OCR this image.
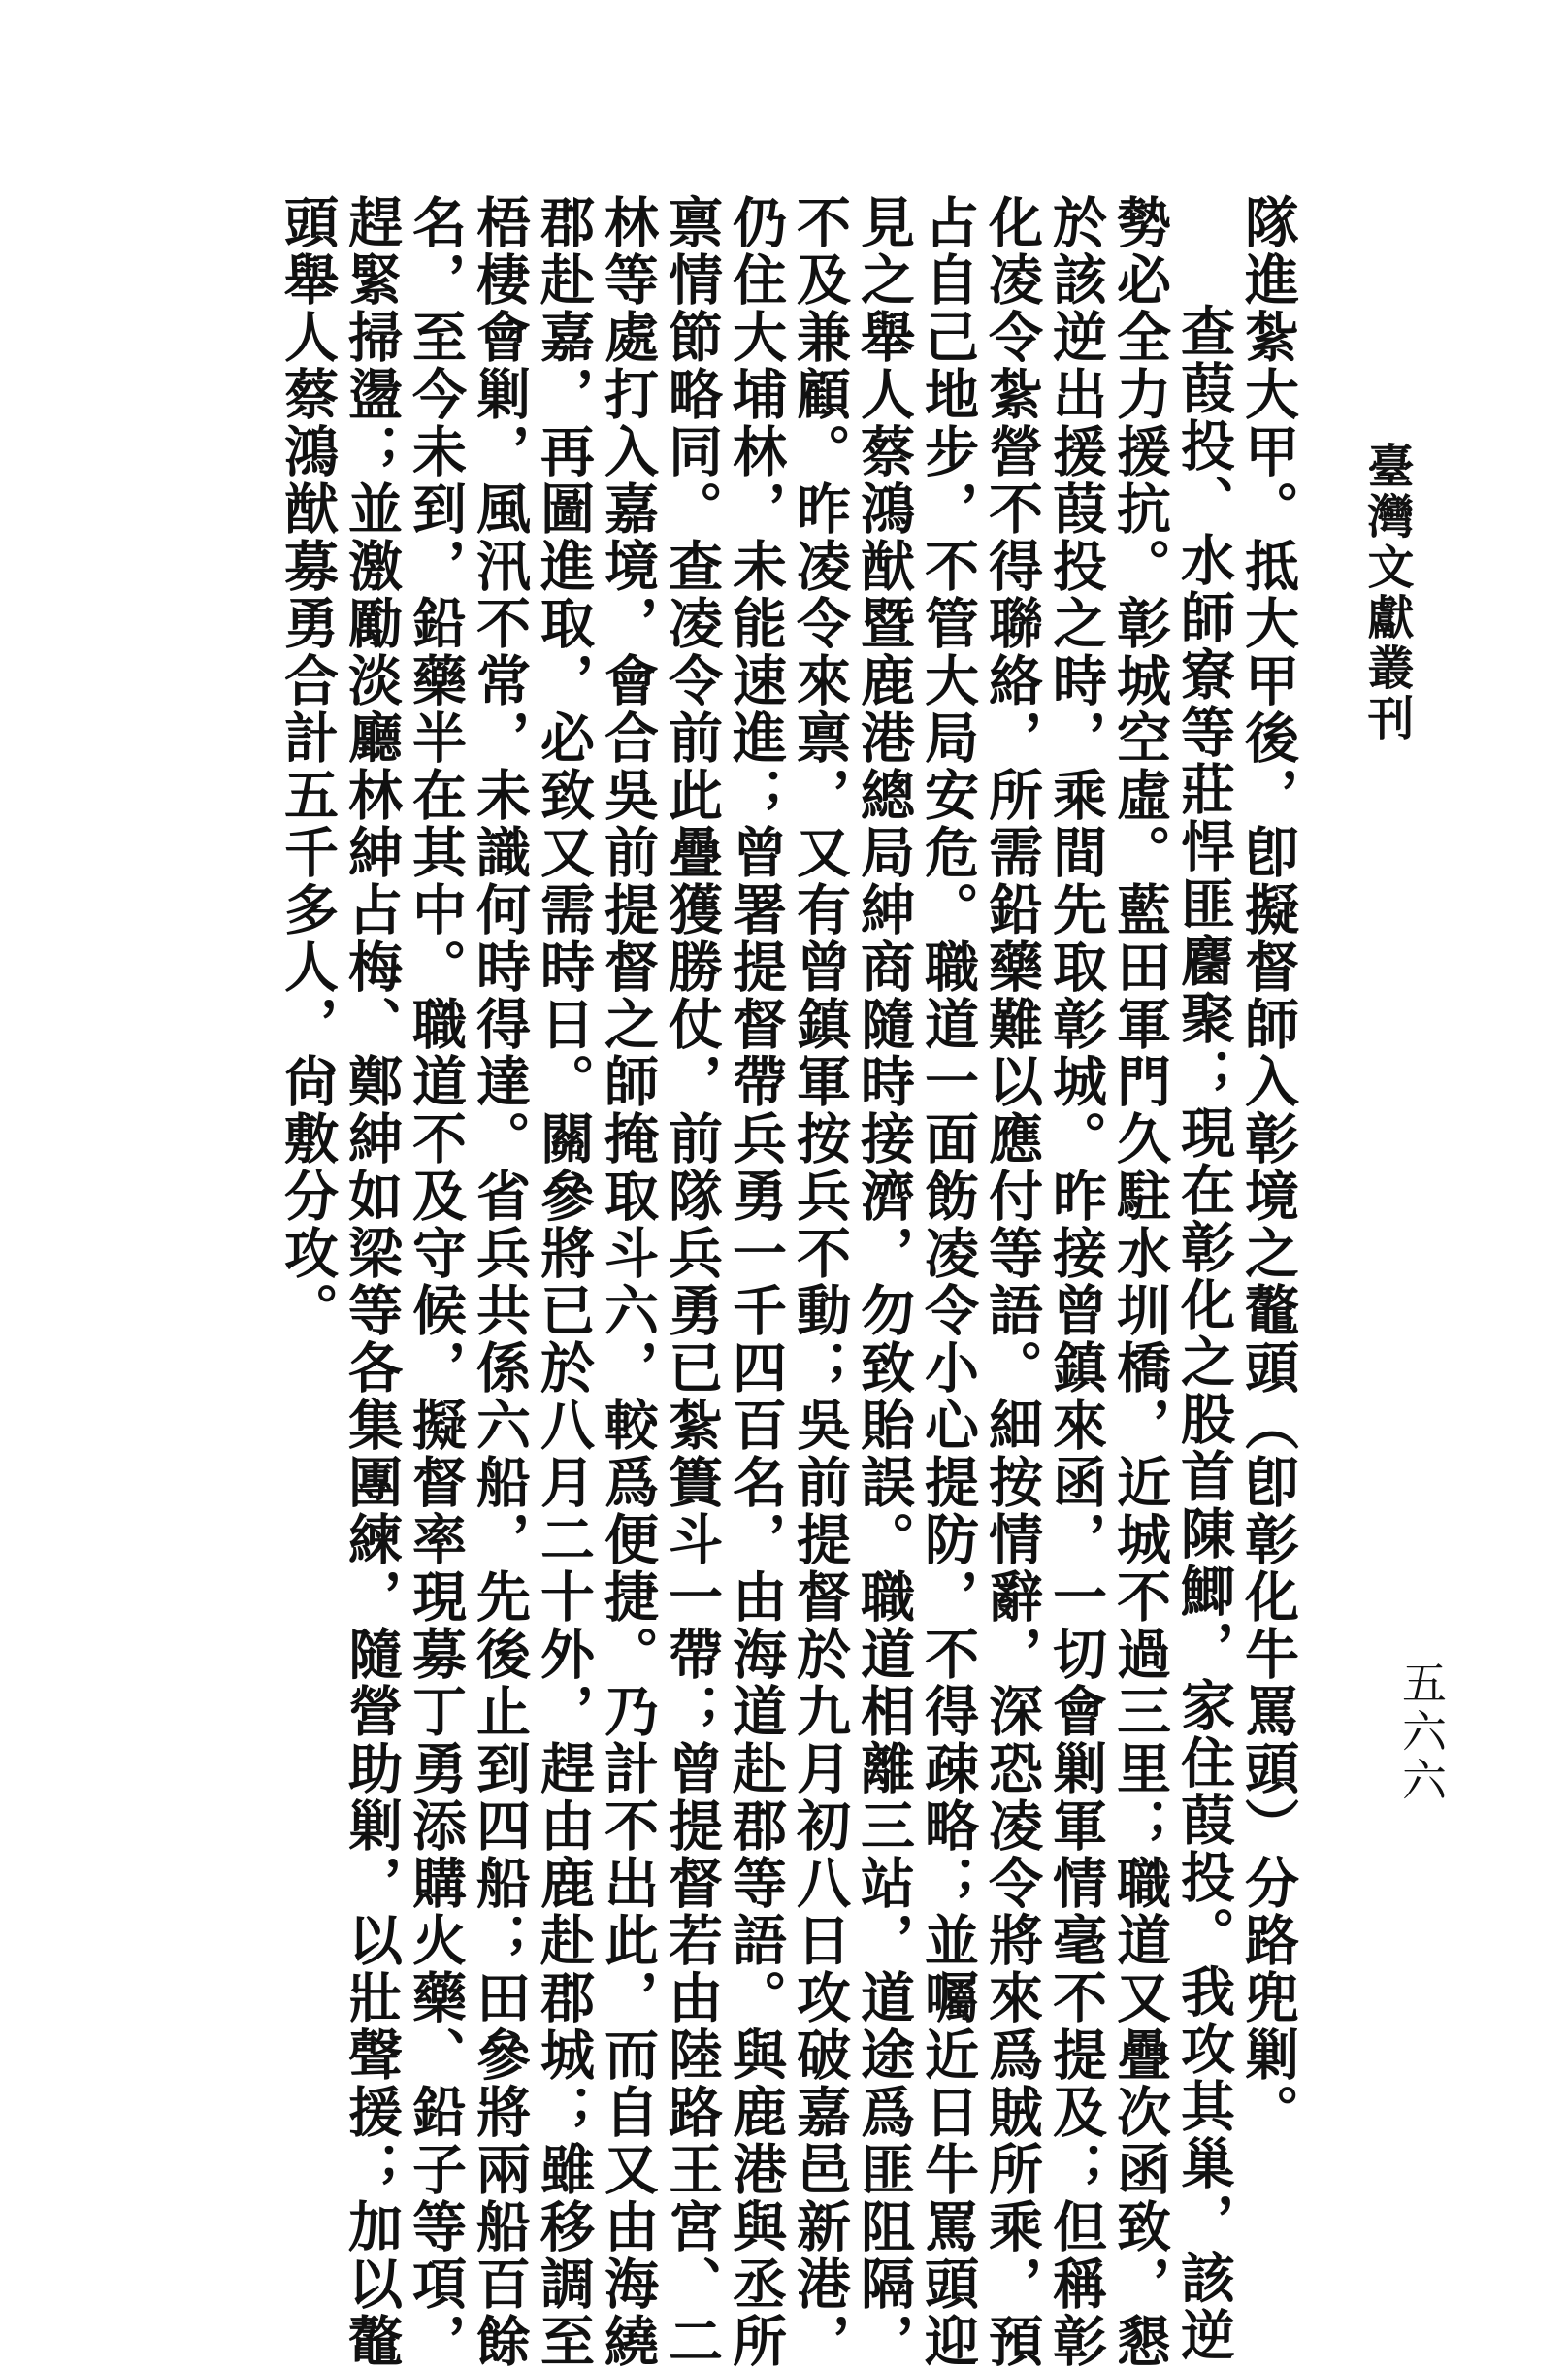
臺灣文獻叢刊
五六六

隊進紮大甲。抵大甲後，卽擬督師入彰境之鼇頭（卽彰化牛罵頭）分路兜剿。

查葭投、水師寮等莊悍匪麕聚；現在彰化之股首陳鯽，家住葭投。我攻其巢，該逆

勢必全力援抗。彰城空虛。藍田軍門久駐水圳橋，近城不過三里；職道又疊次函致，懇

於該逆出援葭投之時，乘間先取彰城。昨接曾鎮來函，一切會剿軍情毫不提及；但稱彰

化凌令紮營不得聯絡，所需鉛藥難以應付等語。細按情辭，深恐凌令將來爲賊所乘，預

占自己地步，不管大局安危。職道一面飭凌令小心提防，不得疎略；並囑近日牛罵頭迎

見之舉人蔡鴻猷暨鹿港總局紳商隨時接濟，勿致貽誤。職道相離三站，道途爲匪阻隔，

不及兼顧。昨凌令來禀，又有曾鎮軍按兵不動；吳前提督於九月初八日攻破嘉邑新港，

仍住大埔林，未能速進；曾署提督帶兵勇一千四百名，由海道赴郡等語。與鹿港與丞所

禀情節略同。查凌令前此疊獲勝仗，前隊兵勇已紮簣斗一帶；曾提督若由陸路王宮、二

林等處打入嘉境，會合吳前提督之師掩取斗六，較爲便捷。乃計不出此，而自又由海繞

郡赴嘉，再圖進取，必致又需時日。關參將已於八月二十外，趕由鹿赴郡城；雖移調至

梧棲會剿，風汛不常，未識何時得達。省兵共係六船，先後止到四船；田參將兩船百餘

名，至今未到，鉛藥半在其中。職道不及守候，擬督率現募丁勇添購火藥、鉛子等項，

趕緊掃盪；並激勵淡廳林紳占梅、鄭紳如梁等各集團練，隨營助剿，以壯聲援；加以鼇

頭舉人蔡鴻猷募勇合計五千多人，尙敷分攻。
